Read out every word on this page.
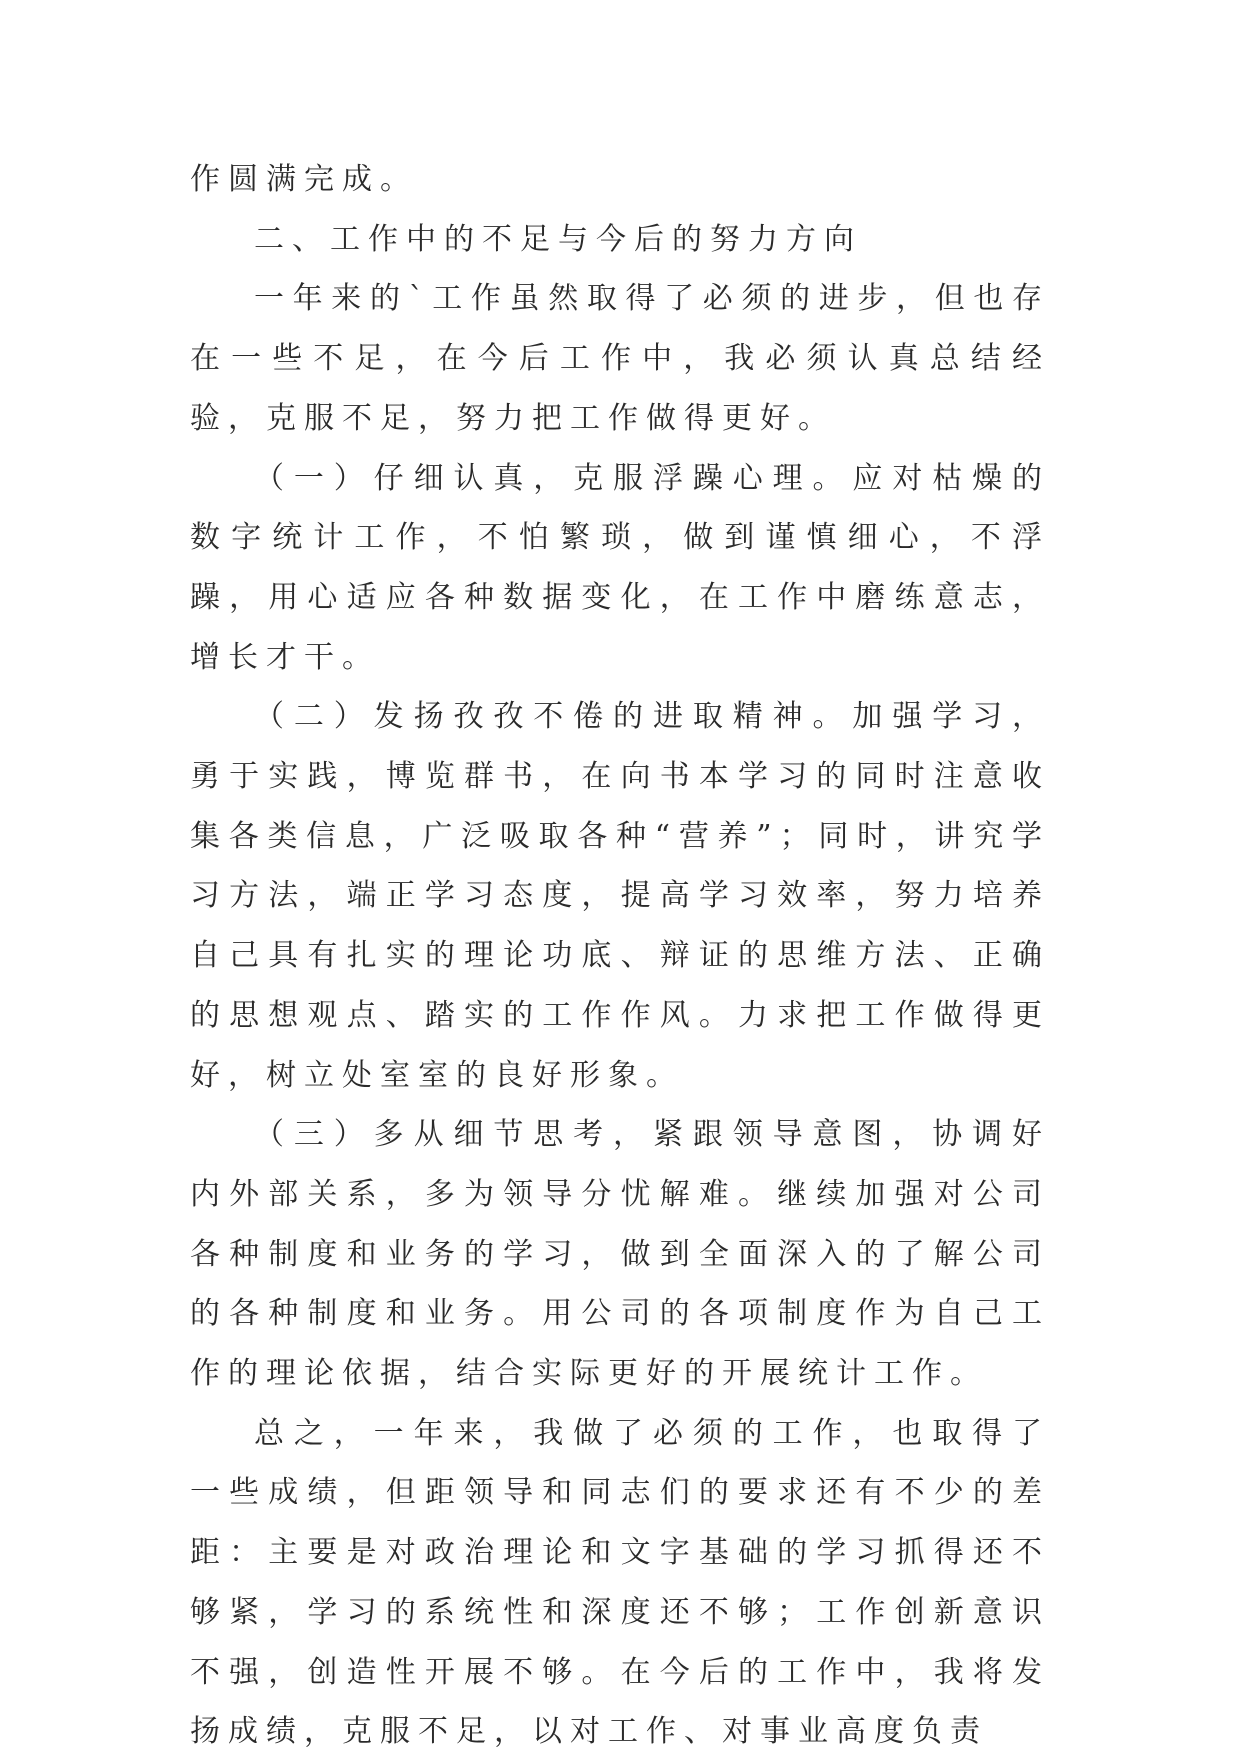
作圆满完成。

二、工作中的不足与今后的努力方向

一年来的`工作虽然取得了必须的进步，但也存在一些不足，在今后工作中，我必须认真总结经验，克服不足，努力把工作做得更好。

（一）仔细认真，克服浮躁心理。应对枯燥的数字统计工作，不怕繁琐，做到谨慎细心，不浮躁，用心适应各种数据变化，在工作中磨练意志，增长才干。

（二）发扬孜孜不倦的进取精神。加强学习，勇于实践，博览群书，在向书本学习的同时注意收集各类信息，广泛吸取各种“营养”；同时，讲究学习方法，端正学习态度，提高学习效率，努力培养自己具有扎实的理论功底、辩证的思维方法、正确的思想观点、踏实的工作作风。力求把工作做得更好，树立处室室的良好形象。

（三）多从细节思考，紧跟领导意图，协调好内外部关系，多为领导分忧解难。继续加强对公司各种制度和业务的学习，做到全面深入的了解公司的各种制度和业务。用公司的各项制度作为自己工作的理论依据，结合实际更好的开展统计工作。

总之，一年来，我做了必须的工作，也取得了一些成绩，但距领导和同志们的要求还有不少的差距：主要是对政治理论和文字基础的学习抓得还不够紧，学习的系统性和深度还不够；工作创新意识不强，创造性开展不够。在今后的工作中，我将发扬成绩，克服不足，以对工作、对事业高度负责
